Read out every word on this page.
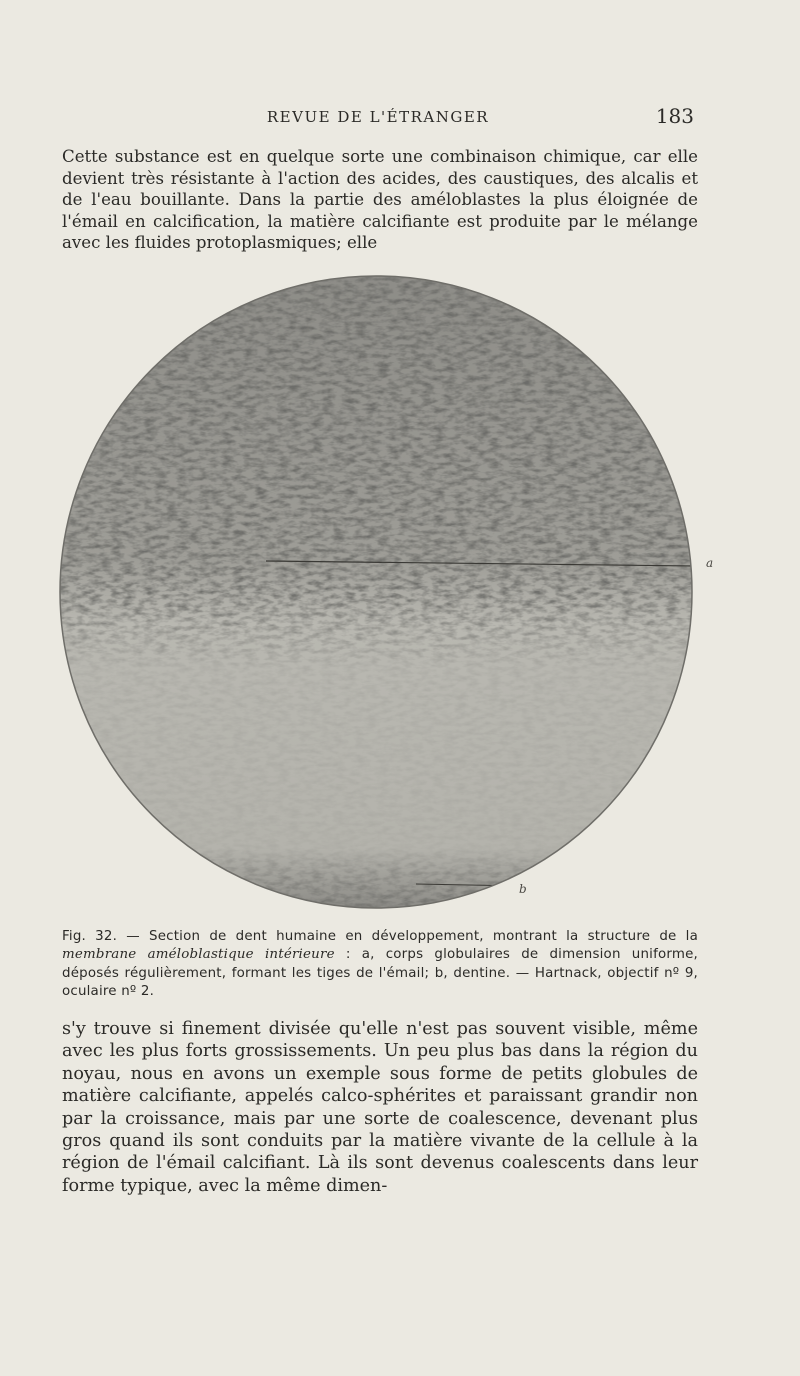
REVUE DE L'ÉTRANGER	183

Cette substance est en quelque sorte une combinaison chimique, car elle devient très résistante à l'action des acides, des caustiques, des alcalis et de l'eau bouillante. Dans la partie des améloblastes la plus éloignée de l'émail en calcification, la matière calcifiante est produite par le mélange avec les fluides protoplasmiques; elle

a
b

Fig. 32. — Section de dent humaine en développement, montrant la structure de la membrane améloblastique intérieure : a, corps globulaires de dimension uniforme, déposés régulièrement, formant les tiges de l'émail; b, dentine. — Hartnack, objectif nº 9, oculaire nº 2.

s'y trouve si finement divisée qu'elle n'est pas souvent visible, même avec les plus forts grossissements. Un peu plus bas dans la région du noyau, nous en avons un exemple sous forme de petits globules de matière calcifiante, appelés calco-sphérites et paraissant grandir non par la croissance, mais par une sorte de coalescence, devenant plus gros quand ils sont conduits par la matière vivante de la cellule à la région de l'émail calcifiant. Là ils sont devenus coalescents dans leur forme typique, avec la même dimen-
